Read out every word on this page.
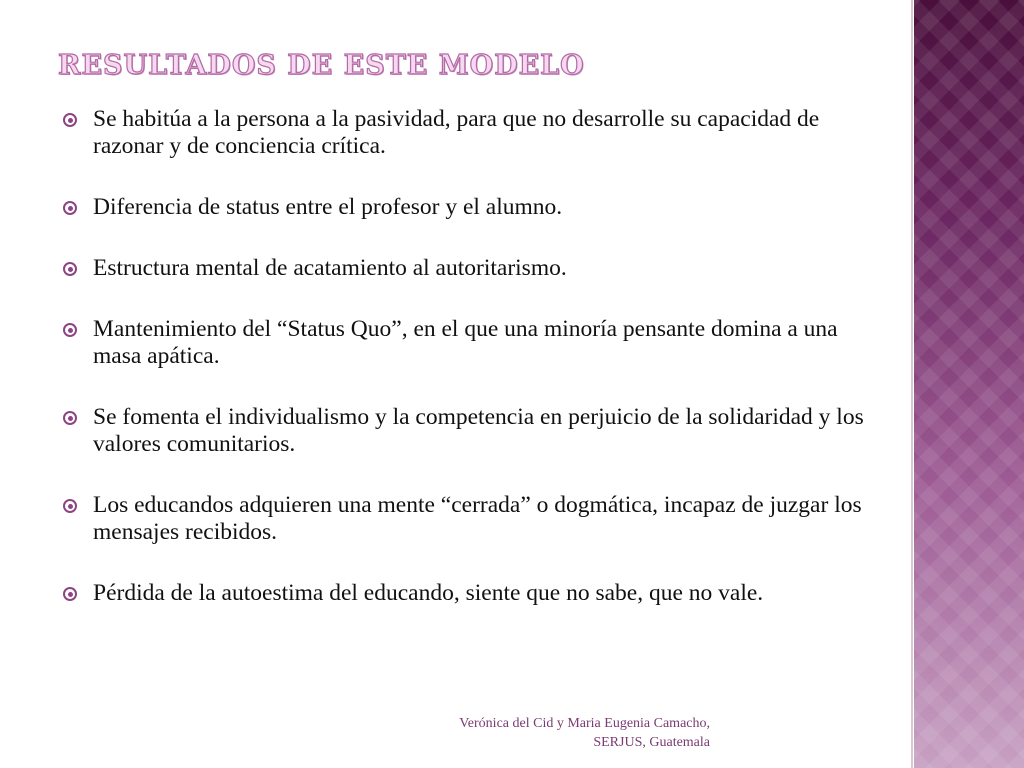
RESULTADOS DE ESTE MODELO
Se habitúa a la persona a la pasividad, para que no desarrolle su capacidad de razonar y de conciencia crítica.
Diferencia de status entre el profesor y el alumno.
Estructura mental de acatamiento al autoritarismo.
Mantenimiento del “Status Quo”, en el que una minoría pensante domina a una masa apática.
Se fomenta el individualismo y la competencia en perjuicio de la solidaridad y los valores comunitarios.
Los educandos adquieren una mente “cerrada” o dogmática, incapaz de juzgar los mensajes recibidos.
Pérdida de la autoestima del educando, siente que no sabe, que no vale.
Verónica del Cid y Maria Eugenia Camacho,
SERJUS, Guatemala
